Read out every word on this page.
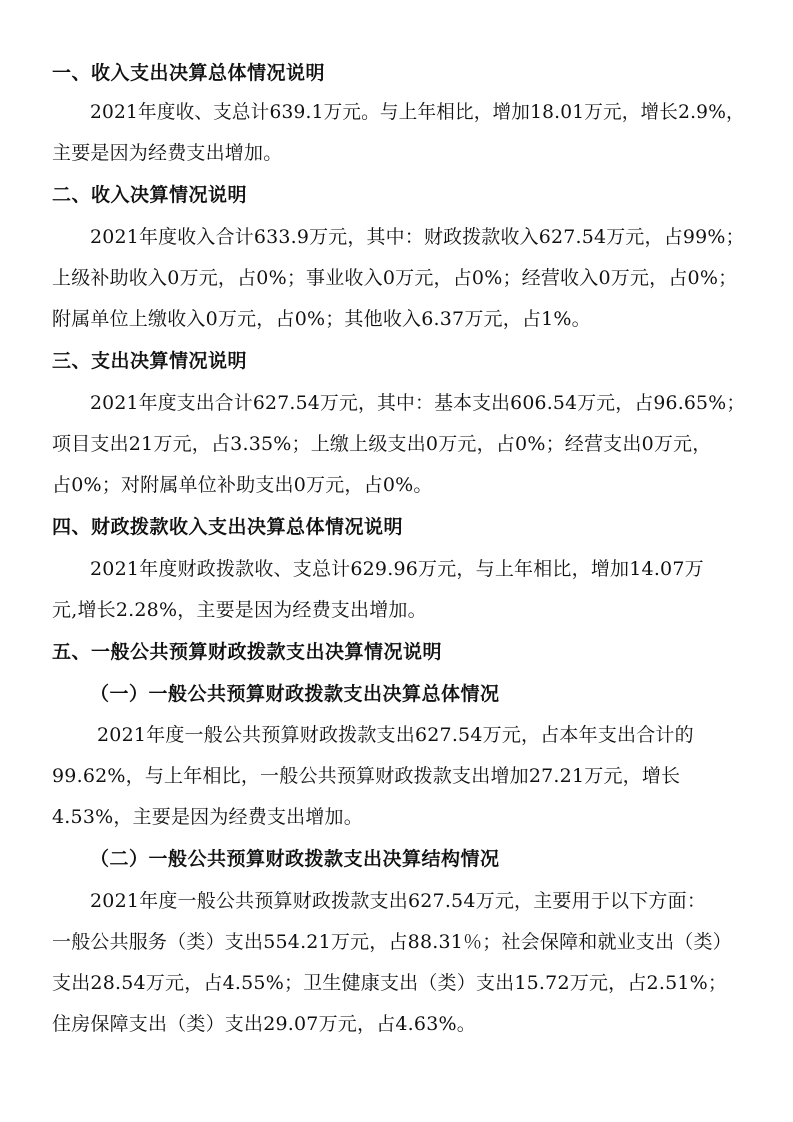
一、收入支出决算总体情况说明
2021年度收、支总计639.1万元。与上年相比，增加18.01万元，增长2.9%，
主要是因为经费支出增加。
二、收入决算情况说明
2021年度收入合计633.9万元，其中：财政拨款收入627.54万元，占99%；
上级补助收入0万元，占0%；事业收入0万元，占0%；经营收入0万元，占0%；
附属单位上缴收入0万元，占0%；其他收入6.37万元，占1%。
三、支出决算情况说明
2021年度支出合计627.54万元，其中：基本支出606.54万元，占96.65%；
项目支出21万元，占3.35%；上缴上级支出0万元，占0%；经营支出0万元，
占0%；对附属单位补助支出0万元，占0%。
四、财政拨款收入支出决算总体情况说明
2021年度财政拨款收、支总计629.96万元，与上年相比，增加14.07万
元,增长2.28%，主要是因为经费支出增加。
五、一般公共预算财政拨款支出决算情况说明
（一）一般公共预算财政拨款支出决算总体情况
2021年度一般公共预算财政拨款支出627.54万元，占本年支出合计的
99.62%，与上年相比，一般公共预算财政拨款支出增加27.21万元，增长
4.53%，主要是因为经费支出增加。
（二）一般公共预算财政拨款支出决算结构情况
2021年度一般公共预算财政拨款支出627.54万元，主要用于以下方面：
一般公共服务（类）支出554.21万元，占88.31％；社会保障和就业支出（类）
支出28.54万元，占4.55%；卫生健康支出（类）支出15.72万元，占2.51%；
住房保障支出（类）支出29.07万元，占4.63%。
